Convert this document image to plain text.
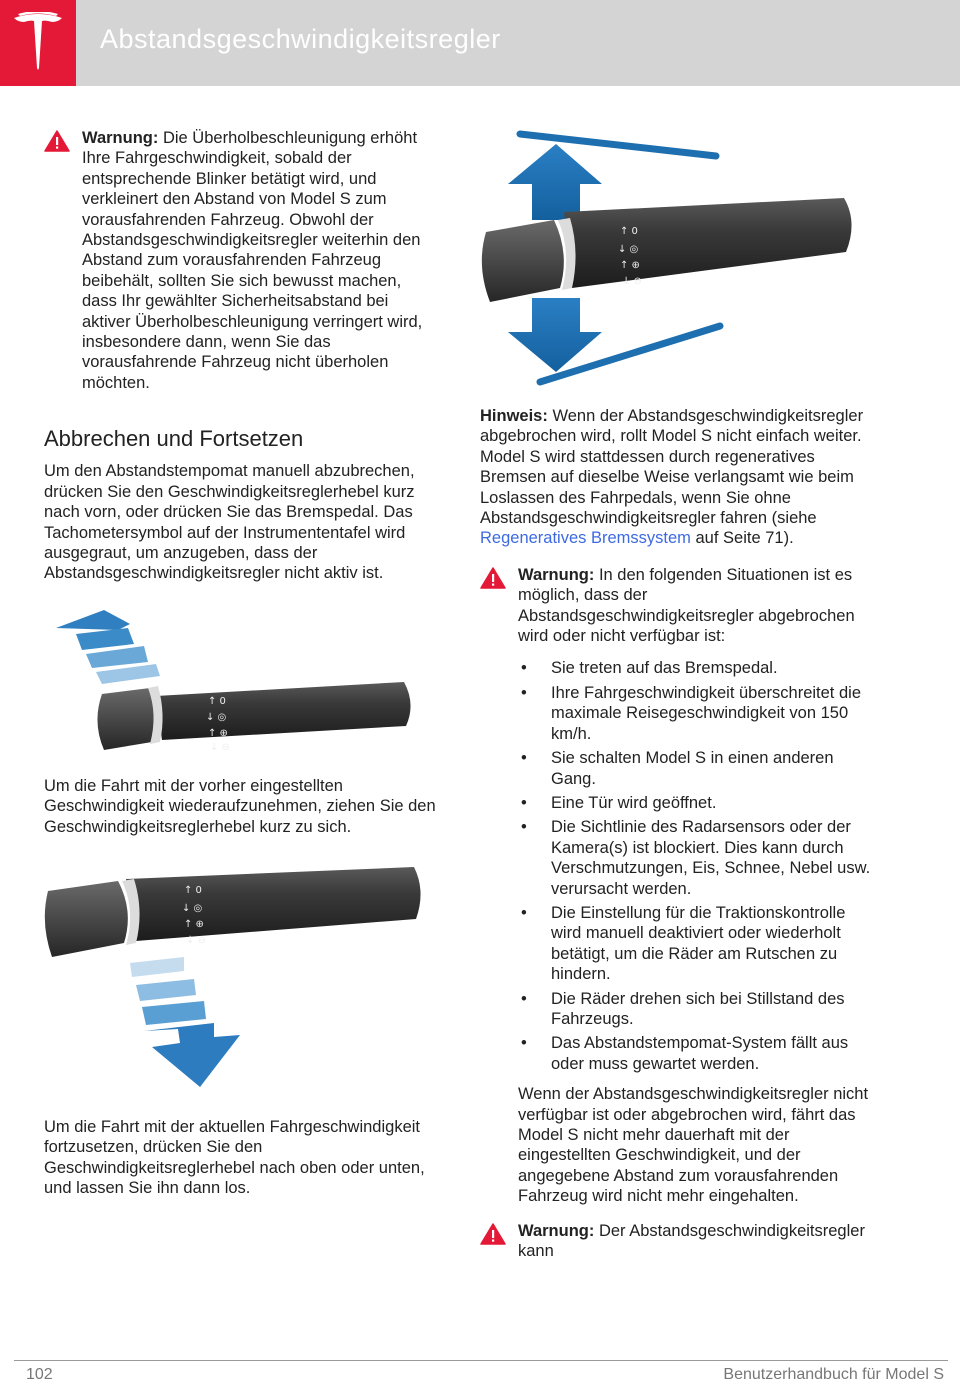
Abstandsgeschwindigkeitsregler

Warnung: Die Überholbeschleunigung erhöht Ihre Fahrgeschwindigkeit, sobald der entsprechende Blinker betätigt wird, und verkleinert den Abstand von Model S zum vorausfahrenden Fahrzeug. Obwohl der Abstandsgeschwindigkeitsregler weiterhin den Abstand zum vorausfahrenden Fahrzeug beibehält, sollten Sie sich bewusst machen, dass Ihr gewählter Sicherheitsabstand bei aktiver Überholbeschleunigung verringert wird, insbesondere dann, wenn Sie das vorausfahrende Fahrzeug nicht überholen möchten.

Abbrechen und Fortsetzen

Um den Abstandstempomat manuell abzubrechen, drücken Sie den Geschwindigkeitsreglerhebel kurz nach vorn, oder drücken Sie das Bremspedal. Das Tachometersymbol auf der Instrumententafel wird ausgegraut, um anzugeben, dass der Abstandsgeschwindigkeitsregler nicht aktiv ist.

↑ 0
↓ ◎
↑ ⊕
↓ ⊖

Um die Fahrt mit der vorher eingestellten Geschwindigkeit wiederaufzunehmen, ziehen Sie den Geschwindigkeitsreglerhebel kurz zu sich.

↑ 0
↓ ◎
↑ ⊕
↓ ⊖

Um die Fahrt mit der aktuellen Fahrgeschwindigkeit fortzusetzen, drücken Sie den Geschwindigkeitsreglerhebel nach oben oder unten, und lassen Sie ihn dann los.

↑ 0
↓ ◎
↑ ⊕
↓ ⊖

Hinweis: Wenn der Abstandsgeschwindigkeitsregler abgebrochen wird, rollt Model S nicht einfach weiter. Model S wird stattdessen durch regeneratives Bremsen auf dieselbe Weise verlangsamt wie beim Loslassen des Fahrpedals, wenn Sie ohne Abstandsgeschwindigkeitsregler fahren (siehe Regeneratives Bremssystem auf Seite 71).

Warnung: In den folgenden Situationen ist es möglich, dass der Abstandsgeschwindigkeitsregler abgebrochen wird oder nicht verfügbar ist:

• Sie treten auf das Bremspedal.
• Ihre Fahrgeschwindigkeit überschreitet die maximale Reisegeschwindigkeit von 150 km/h.
• Sie schalten Model S in einen anderen Gang.
• Eine Tür wird geöffnet.
• Die Sichtlinie des Radarsensors oder der Kamera(s) ist blockiert. Dies kann durch Verschmutzungen, Eis, Schnee, Nebel usw. verursacht werden.
• Die Einstellung für die Traktionskontrolle wird manuell deaktiviert oder wiederholt betätigt, um die Räder am Rutschen zu hindern.
• Die Räder drehen sich bei Stillstand des Fahrzeugs.
• Das Abstandstempomat-System fällt aus oder muss gewartet werden.

Wenn der Abstandsgeschwindigkeitsregler nicht verfügbar ist oder abgebrochen wird, fährt das Model S nicht mehr dauerhaft mit der eingestellten Geschwindigkeit, und der angegebene Abstand zum vorausfahrenden Fahrzeug wird nicht mehr eingehalten.

Warnung: Der Abstandsgeschwindigkeitsregler kann

102	Benutzerhandbuch für Model S
